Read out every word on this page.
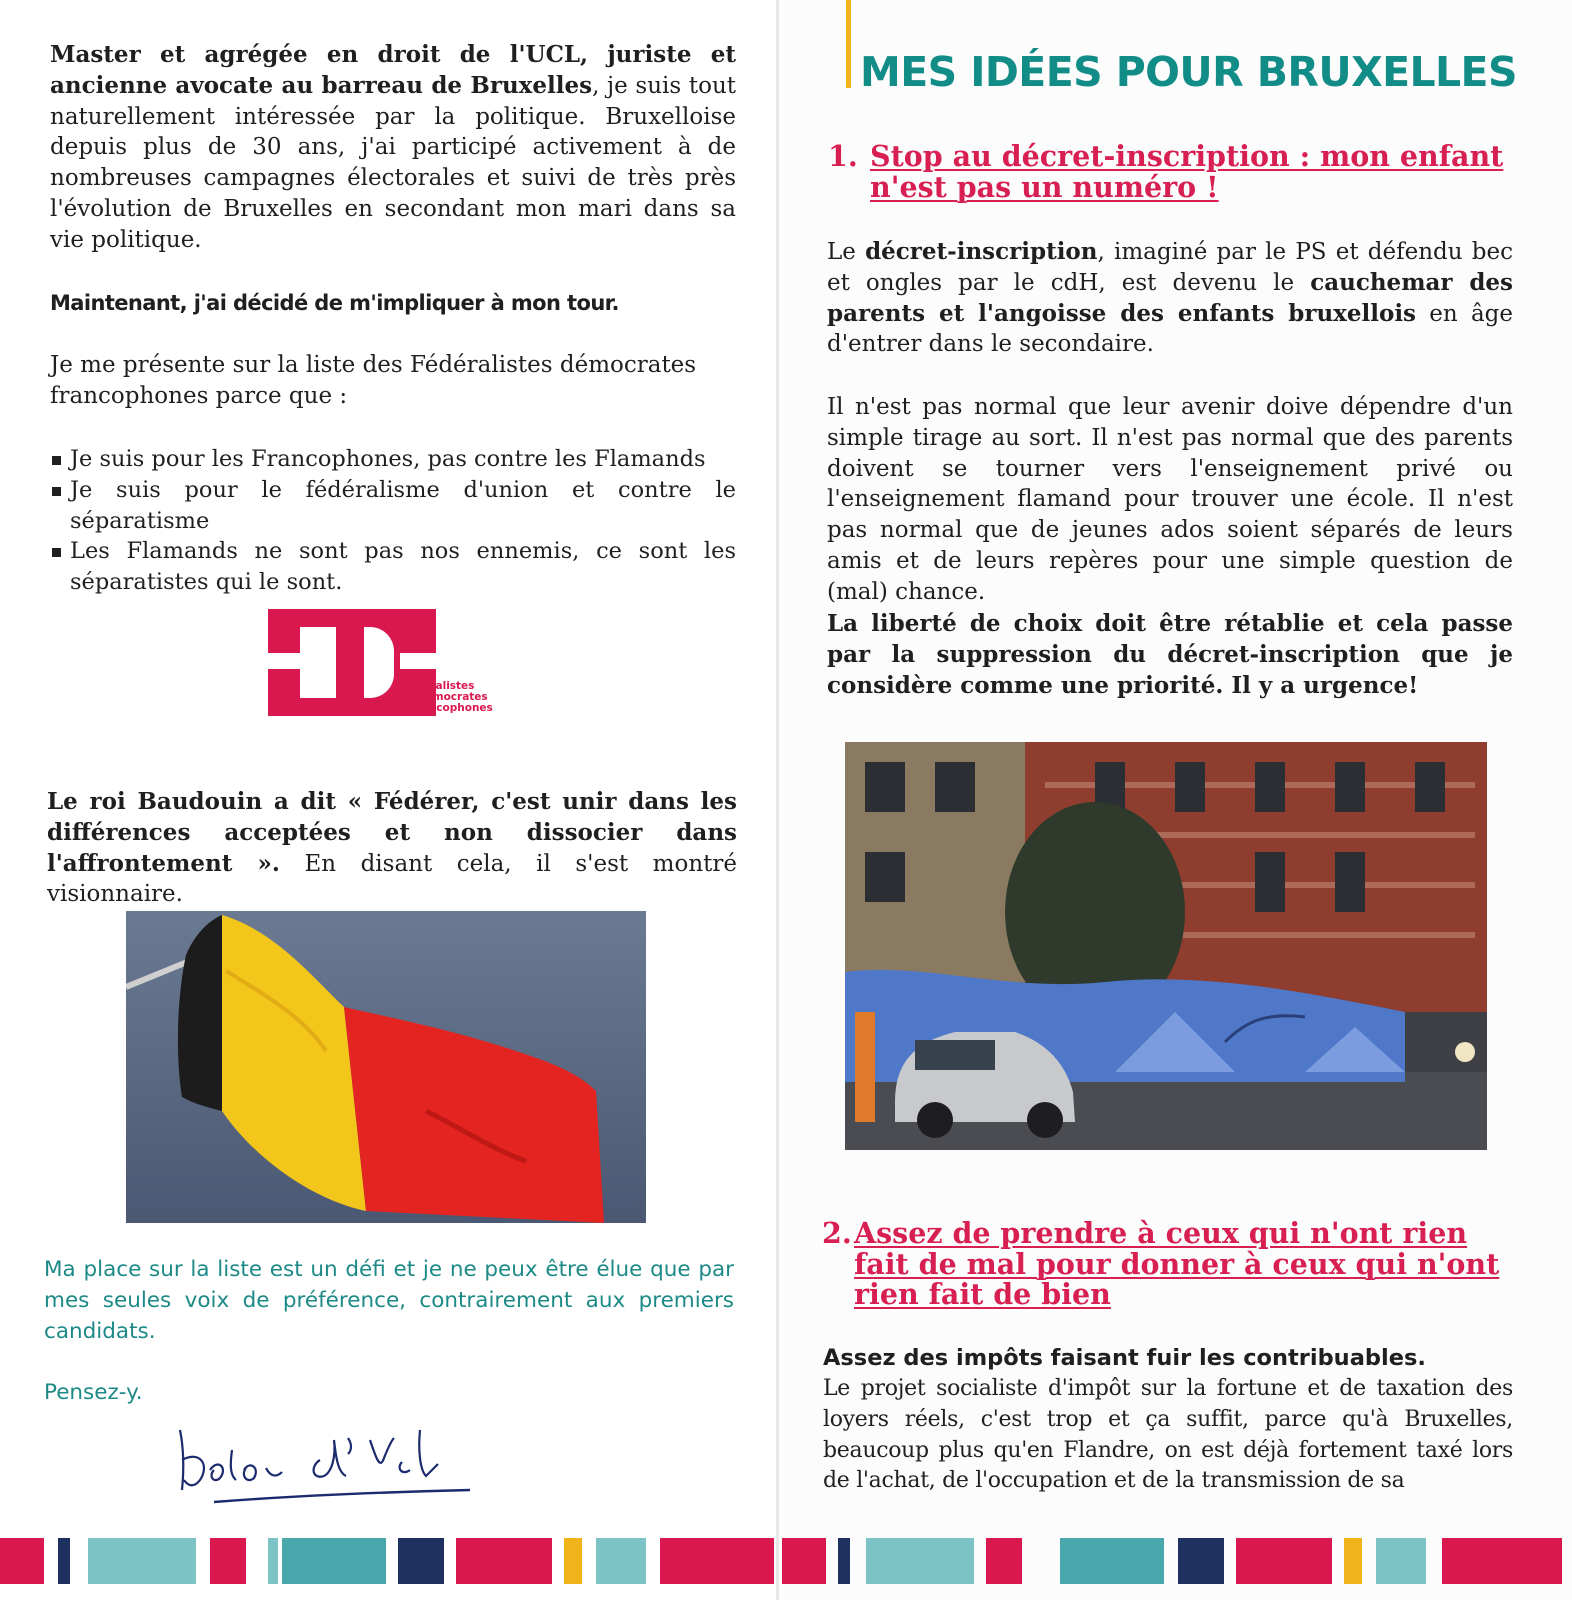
Master et agrégée en droit de l'UCL, juriste et ancienne avocate au barreau de Bruxelles, je suis tout naturellement intéressée par la politique. Bruxelloise depuis plus de 30 ans, j'ai participé activement à de nombreuses campagnes électorales et suivi de très près l'évolution de Bruxelles en secondant mon mari dans sa vie politique.

Maintenant, j'ai décidé de m'impliquer à mon tour.

Je me présente sur la liste des Fédéralistes démocrates francophones parce que :

Je suis pour les Francophones, pas contre les Flamands
Je suis pour le fédéralisme d'union et contre le séparatisme
Les Flamands ne sont pas nos ennemis, ce sont les séparatistes qui le sont.
fédéralistes
démocrates
francophones

Le roi Baudouin a dit « Fédérer, c'est unir dans les différences acceptées et non dissocier dans l'affrontement ». En disant cela, il s'est montré visionnaire.

Ma place sur la liste est un défi et je ne peux être élue que par mes seules voix de préférence, contrairement aux premiers candidats.

Pensez-y.

MES IDÉES POUR BRUXELLES
1. Stop au décret-inscription : mon enfant n'est pas un numéro !

Le décret-inscription, imaginé par le PS et défendu bec et ongles par le cdH, est devenu le cauchemar des parents et l'angoisse des enfants bruxellois en âge d'entrer dans le secondaire.

Il n'est pas normal que leur avenir doive dépendre d'un simple tirage au sort. Il n'est pas normal que des parents doivent se tourner vers l'enseignement privé ou l'enseignement flamand pour trouver une école. Il n'est pas normal que de jeunes ados soient séparés de leurs amis et de leurs repères pour une simple question de (mal) chance.

La liberté de choix doit être rétablie et cela passe par la suppression du décret-inscription que je considère comme une priorité. Il y a urgence!

2. Assez de prendre à ceux qui n'ont rien fait de mal pour donner à ceux qui n'ont rien fait de bien

Assez des impôts faisant fuir les contribuables.

Le projet socialiste d'impôt sur la fortune et de taxation des loyers réels, c'est trop et ça suffit, parce qu'à Bruxelles, beaucoup plus qu'en Flandre, on est déjà fortement taxé lors de l'achat, de l'occupation et de la transmission de sa
